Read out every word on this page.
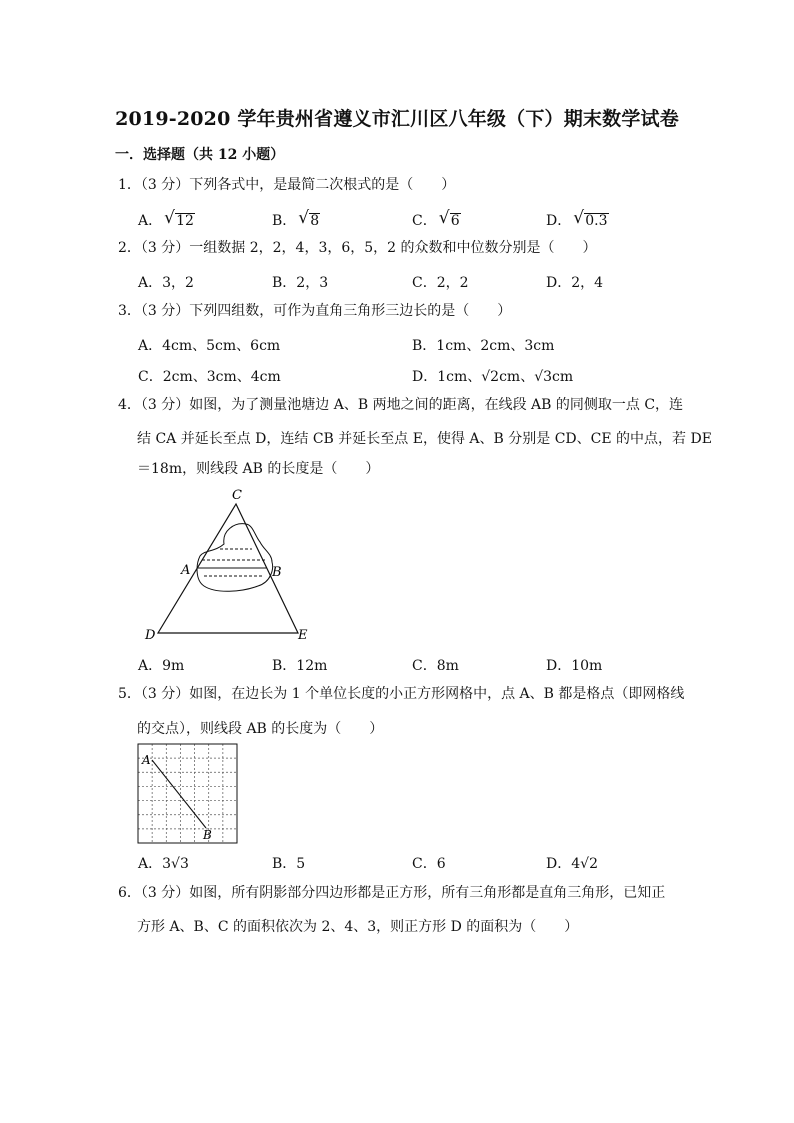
2019-2020 学年贵州省遵义市汇川区八年级（下）期末数学试卷
一．选择题（共 12 小题）
1．（3 分）下列各式中，是最简二次根式的是（　　）
A． √ 12	B． √ 8	C． √ 6	D． √ 0.3
2．（3 分）一组数据 2，2，4，3，6，5，2 的众数和中位数分别是（　　）
A．3，2	B．2，3	C．2，2	D．2，4
3．（3 分）下列四组数，可作为直角三角形三边长的是（　　）
A．4cm、5cm、6cm	B．1cm、2cm、3cm
C．2cm、3cm、4cm	D．1cm、√2cm、√3cm
4．（3 分）如图，为了测量池塘边 A、B 两地之间的距离，在线段 AB 的同侧取一点 C，连
结 CA 并延长至点 D，连结 CB 并延长至点 E，使得 A、B 分别是 CD、CE 的中点，若 DE
＝18m，则线段 AB 的长度是（　　）
C
A	B
D	E
A．9m	B．12m	C．8m	D．10m
5．（3 分）如图，在边长为 1 个单位长度的小正方形网格中，点 A、B 都是格点（即网格线
的交点），则线段 AB 的长度为（　　）
A
B
A．3√3	B．5	C．6	D．4√2
6．（3 分）如图，所有阴影部分四边形都是正方形，所有三角形都是直角三角形，已知正
方形 A、B、C 的面积依次为 2、4、3，则正方形 D 的面积为（　　）
